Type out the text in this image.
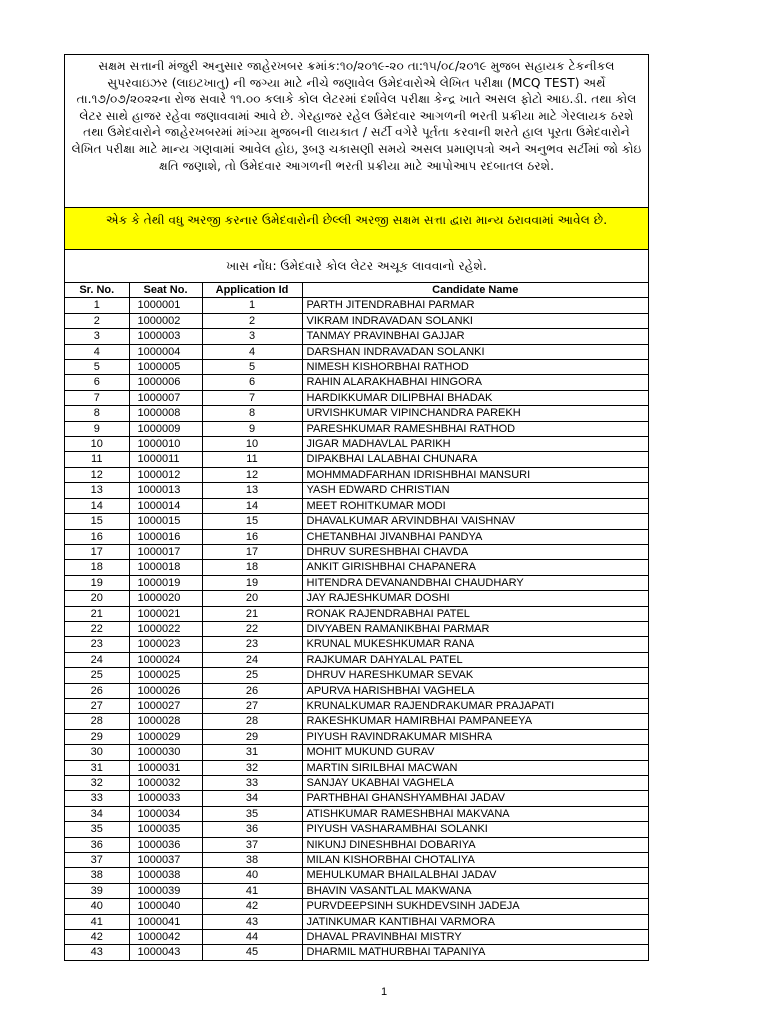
સક્ષમ સત્તાની મંજુરી અનુસાર જાહેરખબર ક્રમાંક:૧૦/૨૦૧૯-૨૦ તા:૧૫/૦૮/૨૦૧૯ મુજબ સહાયક ટેકનીકલ સુપરવાઇઝર (લાઇટખાતુ) ની જગ્યા માટે નીચે જણાવેલ ઉમેદવારોએ લેખિત પરીક્ષા (MCQ TEST) અર્થે તા.૧૭/૦૭/૨૦૨૨ના રોજ સવારે ૧૧.૦૦ કલાકે કોલ લેટરમાં દર્શાવેલ પરીક્ષા કેન્દ્ર ખાતે અસલ ફોટો આઇ.ડી. તથા કોલ લેટર સાથે હાજર રહેવા જણાવવામાં આવે છે. ગેરહાજર રહેલ ઉમેદવાર આગળની ભરતી પ્રક્રીયા માટે ગેરલાયક ઠરશે તથા ઉમેદવારોને જાહેરખબરમાં માંગ્યા મુજબની લાયકાત / સર્ટી વગેરે પૂર્તતા કરવાની શરતે હાલ પૂરતા ઉમેદવારોને લેખિત પરીક્ષા માટે માન્ય ગણવામાં આવેલ હોઇ, રૂબરૂ ચકાસણી સમયે અસલ પ્રમાણપત્રો અને અનુભવ સર્ટીમાં જો કોઇ ક્ષતિ જણાશે, તો ઉમેદવાર આગળની ભરતી પ્રક્રીયા માટે આપોઆપ રદબાતલ ઠરશે.
એક કે તેથી વધુ અરજી કરનાર ઉમેદવારોની છેલ્લી અરજી સક્ષમ સત્તા દ્વારા માન્ય ઠરાવવામાં આવેલ છે.
ખાસ નોંધ: ઉમેદવારે કોલ લેટર અચૂક લાવવાનો રહેશે.
Sr. No.	Seat No.	Application Id	Candidate Name
1	1000001	1	PARTH JITENDRABHAI PARMAR
2	1000002	2	VIKRAM INDRAVADAN SOLANKI
3	1000003	3	TANMAY PRAVINBHAI GAJJAR
4	1000004	4	DARSHAN INDRAVADAN SOLANKI
5	1000005	5	NIMESH KISHORBHAI RATHOD
6	1000006	6	RAHIN ALARAKHABHAI HINGORA
7	1000007	7	HARDIKKUMAR DILIPBHAI BHADAK
8	1000008	8	URVISHKUMAR VIPINCHANDRA PAREKH
9	1000009	9	PARESHKUMAR RAMESHBHAI RATHOD
10	1000010	10	JIGAR MADHAVLAL PARIKH
11	1000011	11	DIPAKBHAI LALABHAI CHUNARA
12	1000012	12	MOHMMADFARHAN IDRISHBHAI MANSURI
13	1000013	13	YASH EDWARD CHRISTIAN
14	1000014	14	MEET ROHITKUMAR MODI
15	1000015	15	DHAVALKUMAR ARVINDBHAI VAISHNAV
16	1000016	16	CHETANBHAI JIVANBHAI PANDYA
17	1000017	17	DHRUV SURESHBHAI CHAVDA
18	1000018	18	ANKIT GIRISHBHAI CHAPANERA
19	1000019	19	HITENDRA DEVANANDBHAI CHAUDHARY
20	1000020	20	JAY RAJESHKUMAR DOSHI
21	1000021	21	RONAK RAJENDRABHAI PATEL
22	1000022	22	DIVYABEN RAMANIKBHAI PARMAR
23	1000023	23	KRUNAL MUKESHKUMAR RANA
24	1000024	24	RAJKUMAR DAHYALAL PATEL
25	1000025	25	DHRUV HARESHKUMAR SEVAK
26	1000026	26	APURVA HARISHBHAI VAGHELA
27	1000027	27	KRUNALKUMAR RAJENDRAKUMAR PRAJAPATI
28	1000028	28	RAKESHKUMAR HAMIRBHAI PAMPANEEYA
29	1000029	29	PIYUSH RAVINDRAKUMAR MISHRA
30	1000030	31	MOHIT MUKUND GURAV
31	1000031	32	MARTIN SIRILBHAI MACWAN
32	1000032	33	SANJAY UKABHAI VAGHELA
33	1000033	34	PARTHBHAI GHANSHYAMBHAI JADAV
34	1000034	35	ATISHKUMAR RAMESHBHAI MAKVANA
35	1000035	36	PIYUSH VASHARAMBHAI SOLANKI
36	1000036	37	NIKUNJ DINESHBHAI DOBARIYA
37	1000037	38	MILAN KISHORBHAI CHOTALIYA
38	1000038	40	MEHULKUMAR BHAILALBHAI JADAV
39	1000039	41	BHAVIN VASANTLAL MAKWANA
40	1000040	42	PURVDEEPSINH SUKHDEVSINH JADEJA
41	1000041	43	JATINKUMAR KANTIBHAI VARMORA
42	1000042	44	DHAVAL PRAVINBHAI MISTRY
43	1000043	45	DHARMIL MATHURBHAI TAPANIYA
1
